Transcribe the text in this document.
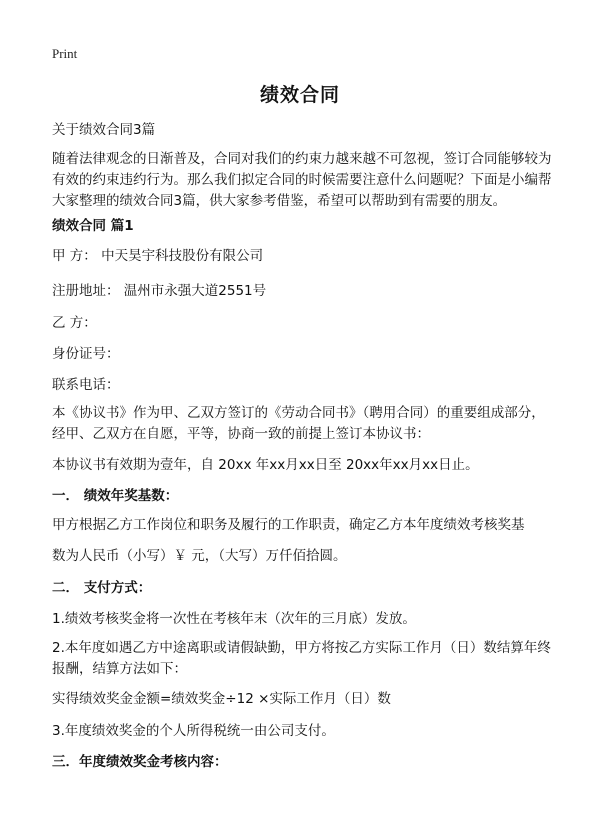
Print
绩效合同
关于绩效合同3篇
随着法律观念的日渐普及，合同对我们的约束力越来越不可忽视，签订合同能够较为有效的约束违约行为。那么我们拟定合同的时候需要注意什么问题呢？下面是小编帮大家整理的绩效合同3篇，供大家参考借鉴，希望可以帮助到有需要的朋友。
绩效合同 篇1
甲 方： 中天昊宇科技股份有限公司
注册地址： 温州市永强大道2551号
乙 方：
身份证号：
联系电话：
本《协议书》作为甲、乙双方签订的《劳动合同书》（聘用合同）的重要组成部分，经甲、乙双方在自愿，平等，协商一致的前提上签订本协议书：
本协议书有效期为壹年，自 20xx 年xx月xx日至 20xx年xx月xx日止。
一． 绩效年奖基数：
甲方根据乙方工作岗位和职务及履行的工作职责，确定乙方本年度绩效考核奖基
数为人民币（小写）￥ 元，（大写）万仟佰拾圆。
二． 支付方式：
1.绩效考核奖金将一次性在考核年末（次年的三月底）发放。
2.本年度如遇乙方中途离职或请假缺勤，甲方将按乙方实际工作月（日）数结算年终报酬，结算方法如下：
实得绩效奖金金额=绩效奖金÷12 ×实际工作月（日）数
3.年度绩效奖金的个人所得税统一由公司支付。
三．年度绩效奖金考核内容：
